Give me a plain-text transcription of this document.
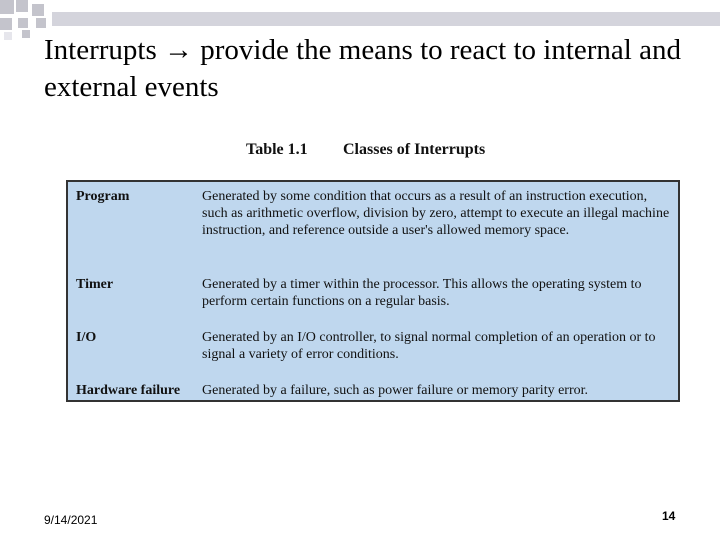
Interrupts → provide the means to react to internal and external events
Table 1.1 Classes of Interrupts
Program	Generated by some condition that occurs as a result of an instruction execution, such as arithmetic overflow, division by zero, attempt to execute an illegal machine instruction, and reference outside a user's allowed memory space.
Timer	Generated by a timer within the processor. This allows the operating system to perform certain functions on a regular basis.
I/O	Generated by an I/O controller, to signal normal completion of an operation or to signal a variety of error conditions.
Hardware failure	Generated by a failure, such as power failure or memory parity error.
9/14/2021	14
